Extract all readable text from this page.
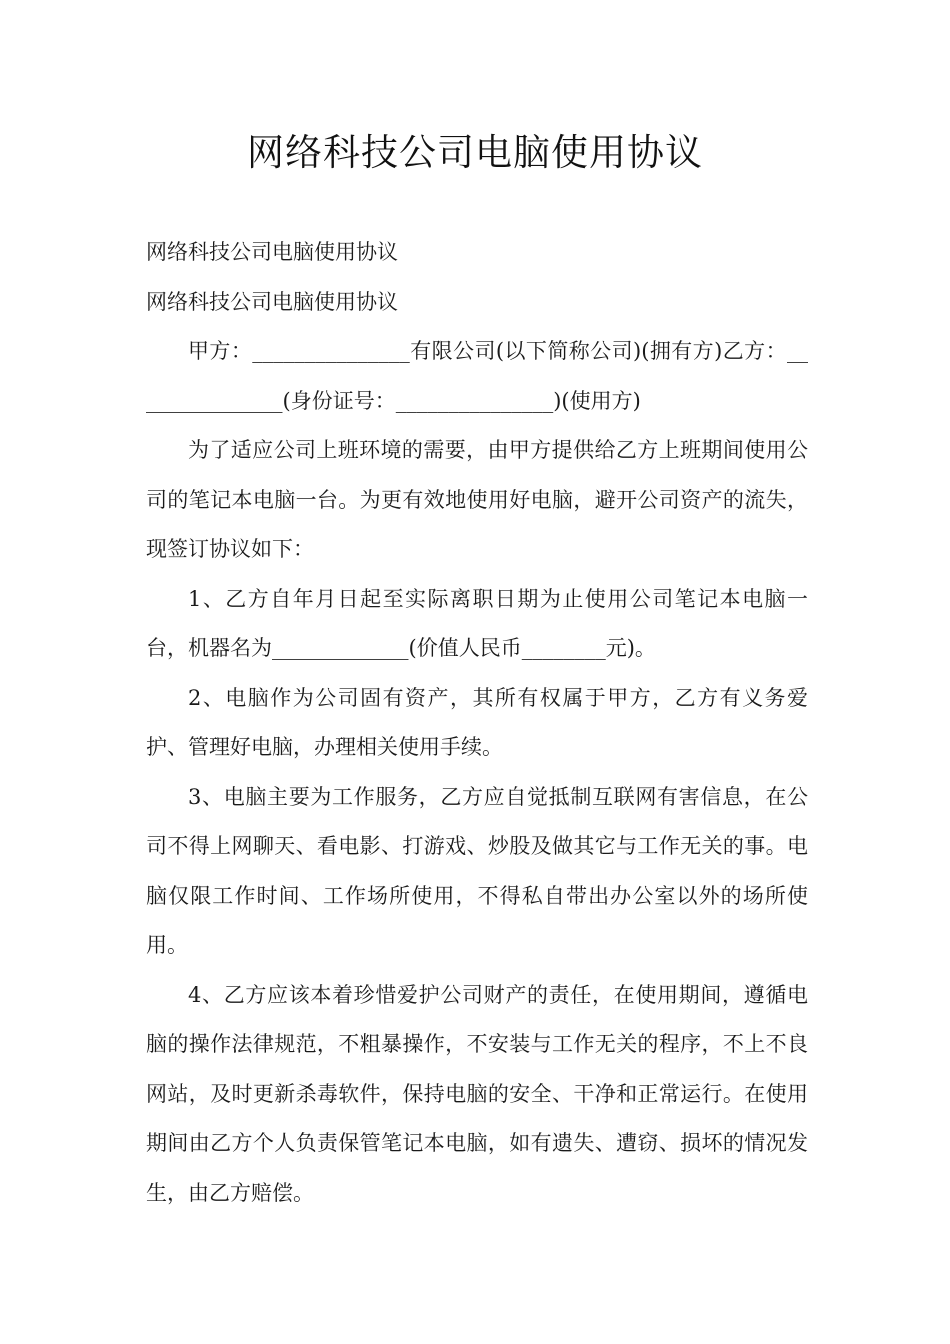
网络科技公司电脑使用协议

网络科技公司电脑使用协议

网络科技公司电脑使用协议

甲方：_______________有限公司(以下简称公司)(拥有方)乙方：_______________(身份证号：_______________)(使用方)

为了适应公司上班环境的需要，由甲方提供给乙方上班期间使用公司的笔记本电脑一台。为更有效地使用好电脑，避开公司资产的流失，现签订协议如下：

1、乙方自年月日起至实际离职日期为止使用公司笔记本电脑一台，机器名为_____________(价值人民币________元)。

2、电脑作为公司固有资产，其所有权属于甲方，乙方有义务爱护、管理好电脑，办理相关使用手续。

3、电脑主要为工作服务，乙方应自觉抵制互联网有害信息，在公司不得上网聊天、看电影、打游戏、炒股及做其它与工作无关的事。电脑仅限工作时间、工作场所使用，不得私自带出办公室以外的场所使用。

4、乙方应该本着珍惜爱护公司财产的责任，在使用期间，遵循电脑的操作法律规范，不粗暴操作，不安装与工作无关的程序，不上不良网站，及时更新杀毒软件，保持电脑的安全、干净和正常运行。在使用期间由乙方个人负责保管笔记本电脑，如有遗失、遭窃、损坏的情况发生，由乙方赔偿。
